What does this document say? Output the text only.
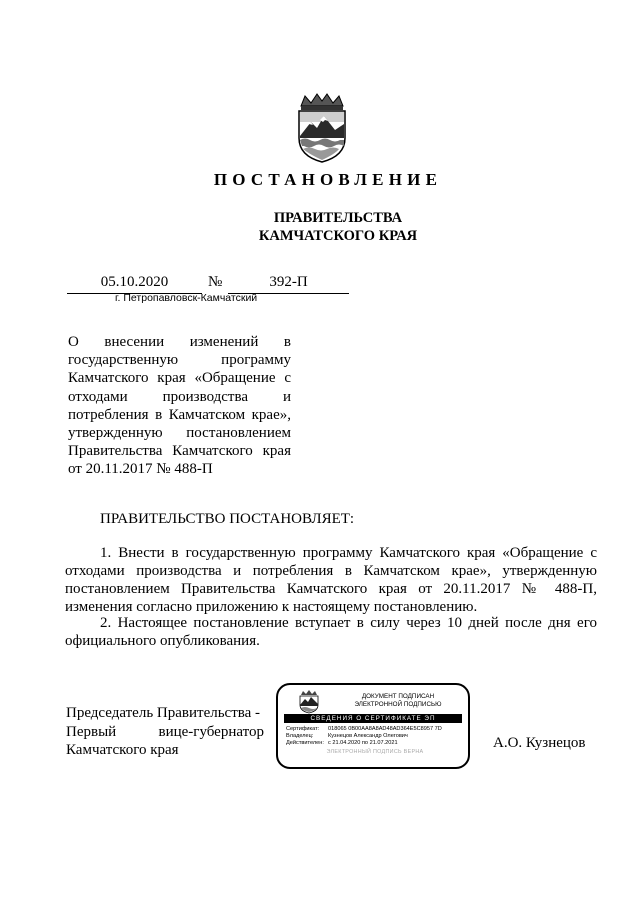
ПОСТАНОВЛЕНИЕ
ПРАВИТЕЛЬСТВА
КАМЧАТСКОГО КРАЯ
05.10.2020	№	392-П
г. Петропавловск-Камчатский
О внесении изменений в
государственную программу
Камчатского края «Обращение с
отходами производства и
потребления в Камчатском крае»,
утвержденную постановлением
Правительства Камчатского края
от 20.11.2017 № 488-П
ПРАВИТЕЛЬСТВО ПОСТАНОВЛЯЕТ:
1. Внести в государственную программу Камчатского края «Обращение с
отходами производства и потребления в Камчатском крае», утвержденную
постановлением Правительства Камчатского края от 20.11.2017 № 488-П,
изменения согласно приложению к настоящему постановлению.
2. Настоящее постановление вступает в силу через 10 дней после дня его
официального опубликования.
Председатель Правительства -
Первый вице-губернатор
Камчатского края
ДОКУМЕНТ ПОДПИСАН
ЭЛЕКТРОННОЙ ПОДПИСЬЮ
СВЕДЕНИЯ О СЕРТИФИКАТЕ ЭП
Сертификат: 018065 0B00AA8A8AD48AD364E5C8957 7D
Владелец:	Кузнецов Александр Олегович
Действителен: с 21.04.2020 по 21.07.2021
ЭЛЕКТРОННЫЙ ПОДПИСЬ ВЕРНА
А.О. Кузнецов
